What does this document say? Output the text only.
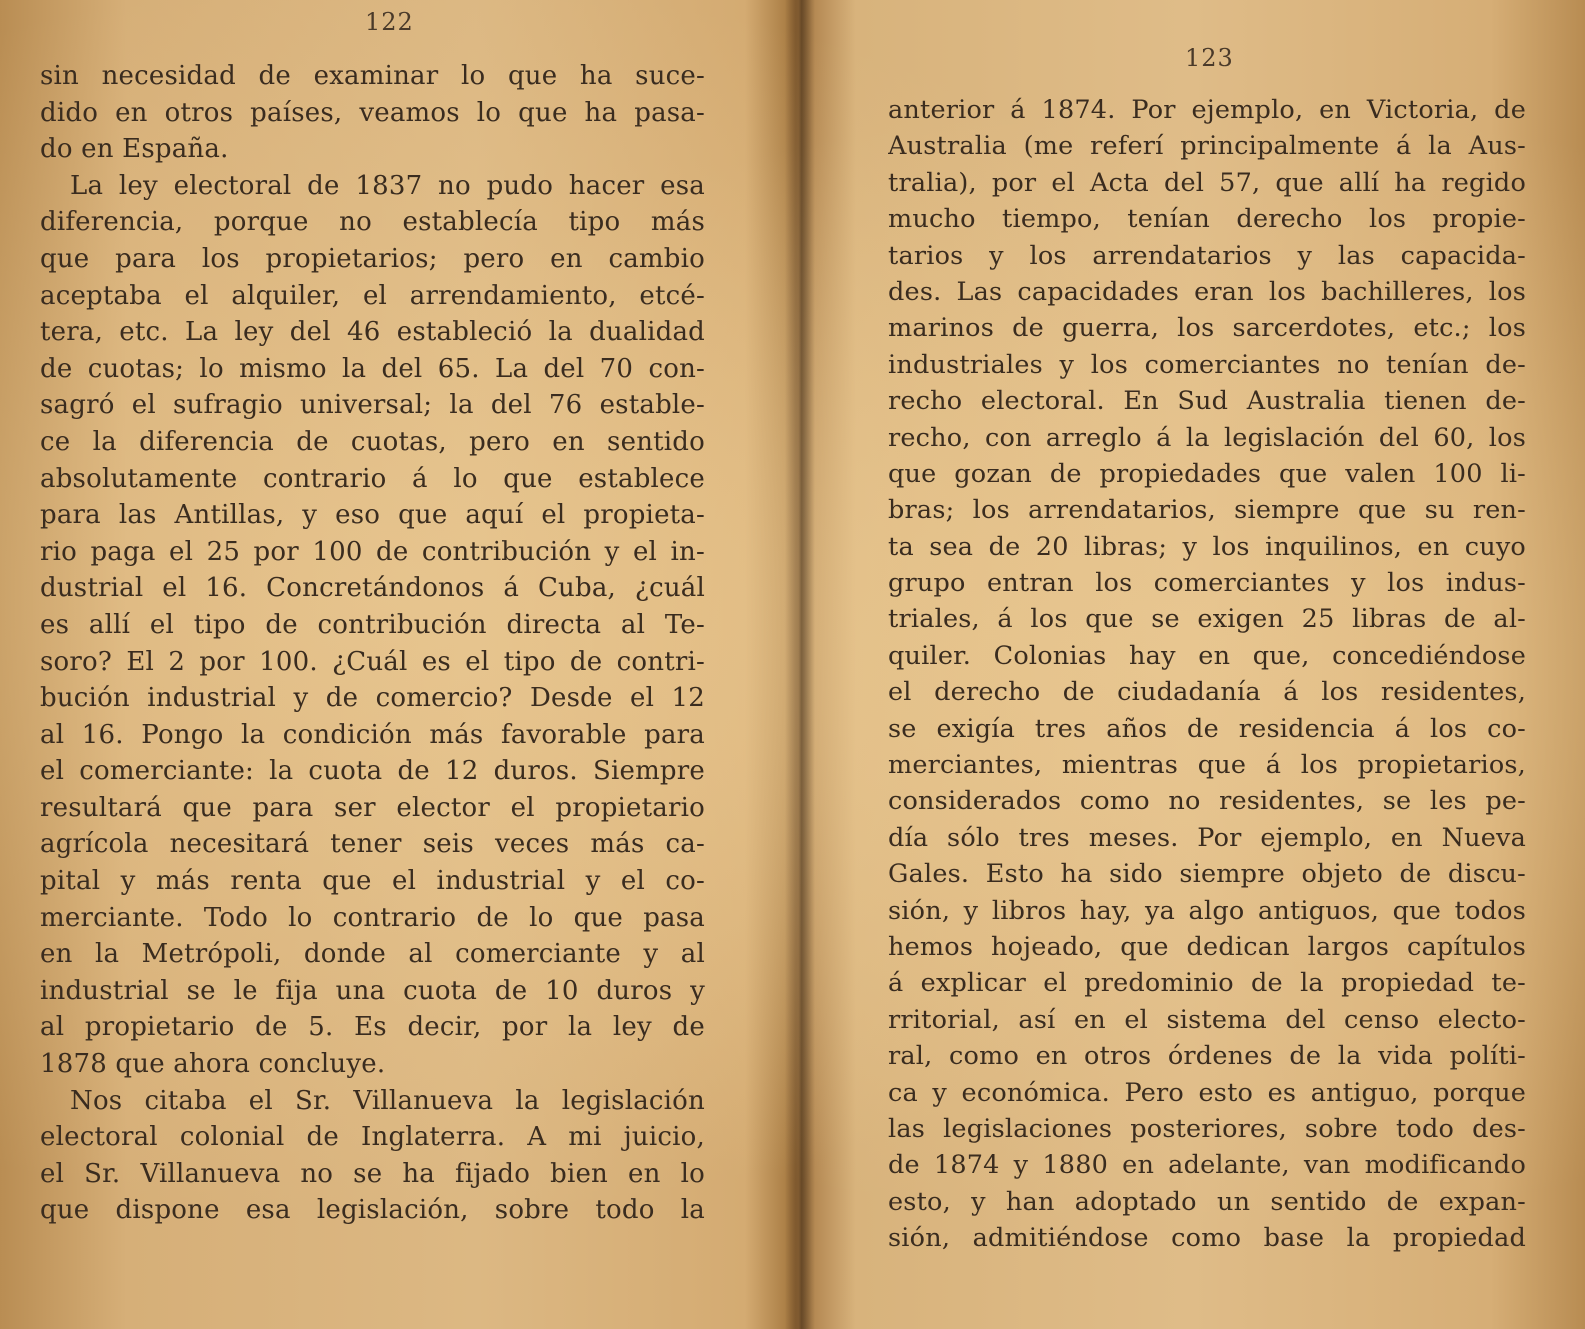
122
sin necesidad de examinar lo que ha suce-
dido en otros países, veamos lo que ha pasa-
do en España.
La ley electoral de 1837 no pudo hacer esa
diferencia, porque no establecía tipo más
que para los propietarios; pero en cambio
aceptaba el alquiler, el arrendamiento, etcé-
tera, etc. La ley del 46 estableció la dualidad
de cuotas; lo mismo la del 65. La del 70 con-
sagró el sufragio universal; la del 76 estable-
ce la diferencia de cuotas, pero en sentido
absolutamente contrario á lo que establece
para las Antillas, y eso que aquí el propieta-
rio paga el 25 por 100 de contribución y el in-
dustrial el 16. Concretándonos á Cuba, ¿cuál
es allí el tipo de contribución directa al Te-
soro? El 2 por 100. ¿Cuál es el tipo de contri-
bución industrial y de comercio? Desde el 12
al 16. Pongo la condición más favorable para
el comerciante: la cuota de 12 duros. Siempre
resultará que para ser elector el propietario
agrícola necesitará tener seis veces más ca-
pital y más renta que el industrial y el co-
merciante. Todo lo contrario de lo que pasa
en la Metrópoli, donde al comerciante y al
industrial se le fija una cuota de 10 duros y
al propietario de 5. Es decir, por la ley de
1878 que ahora concluye.
Nos citaba el Sr. Villanueva la legislación
electoral colonial de Inglaterra. A mi juicio,
el Sr. Villanueva no se ha fijado bien en lo
que dispone esa legislación, sobre todo la
123
anterior á 1874. Por ejemplo, en Victoria, de
Australia (me referí principalmente á la Aus-
tralia), por el Acta del 57, que allí ha regido
mucho tiempo, tenían derecho los propie-
tarios y los arrendatarios y las capacida-
des. Las capacidades eran los bachilleres, los
marinos de guerra, los sarcerdotes, etc.; los
industriales y los comerciantes no tenían de-
recho electoral. En Sud Australia tienen de-
recho, con arreglo á la legislación del 60, los
que gozan de propiedades que valen 100 li-
bras; los arrendatarios, siempre que su ren-
ta sea de 20 libras; y los inquilinos, en cuyo
grupo entran los comerciantes y los indus-
triales, á los que se exigen 25 libras de al-
quiler. Colonias hay en que, concediéndose
el derecho de ciudadanía á los residentes,
se exigía tres años de residencia á los co-
merciantes, mientras que á los propietarios,
considerados como no residentes, se les pe-
día sólo tres meses. Por ejemplo, en Nueva
Gales. Esto ha sido siempre objeto de discu-
sión, y libros hay, ya algo antiguos, que todos
hemos hojeado, que dedican largos capítulos
á explicar el predominio de la propiedad te-
rritorial, así en el sistema del censo electo-
ral, como en otros órdenes de la vida políti-
ca y económica. Pero esto es antiguo, porque
las legislaciones posteriores, sobre todo des-
de 1874 y 1880 en adelante, van modificando
esto, y han adoptado un sentido de expan-
sión, admitiéndose como base la propiedad
